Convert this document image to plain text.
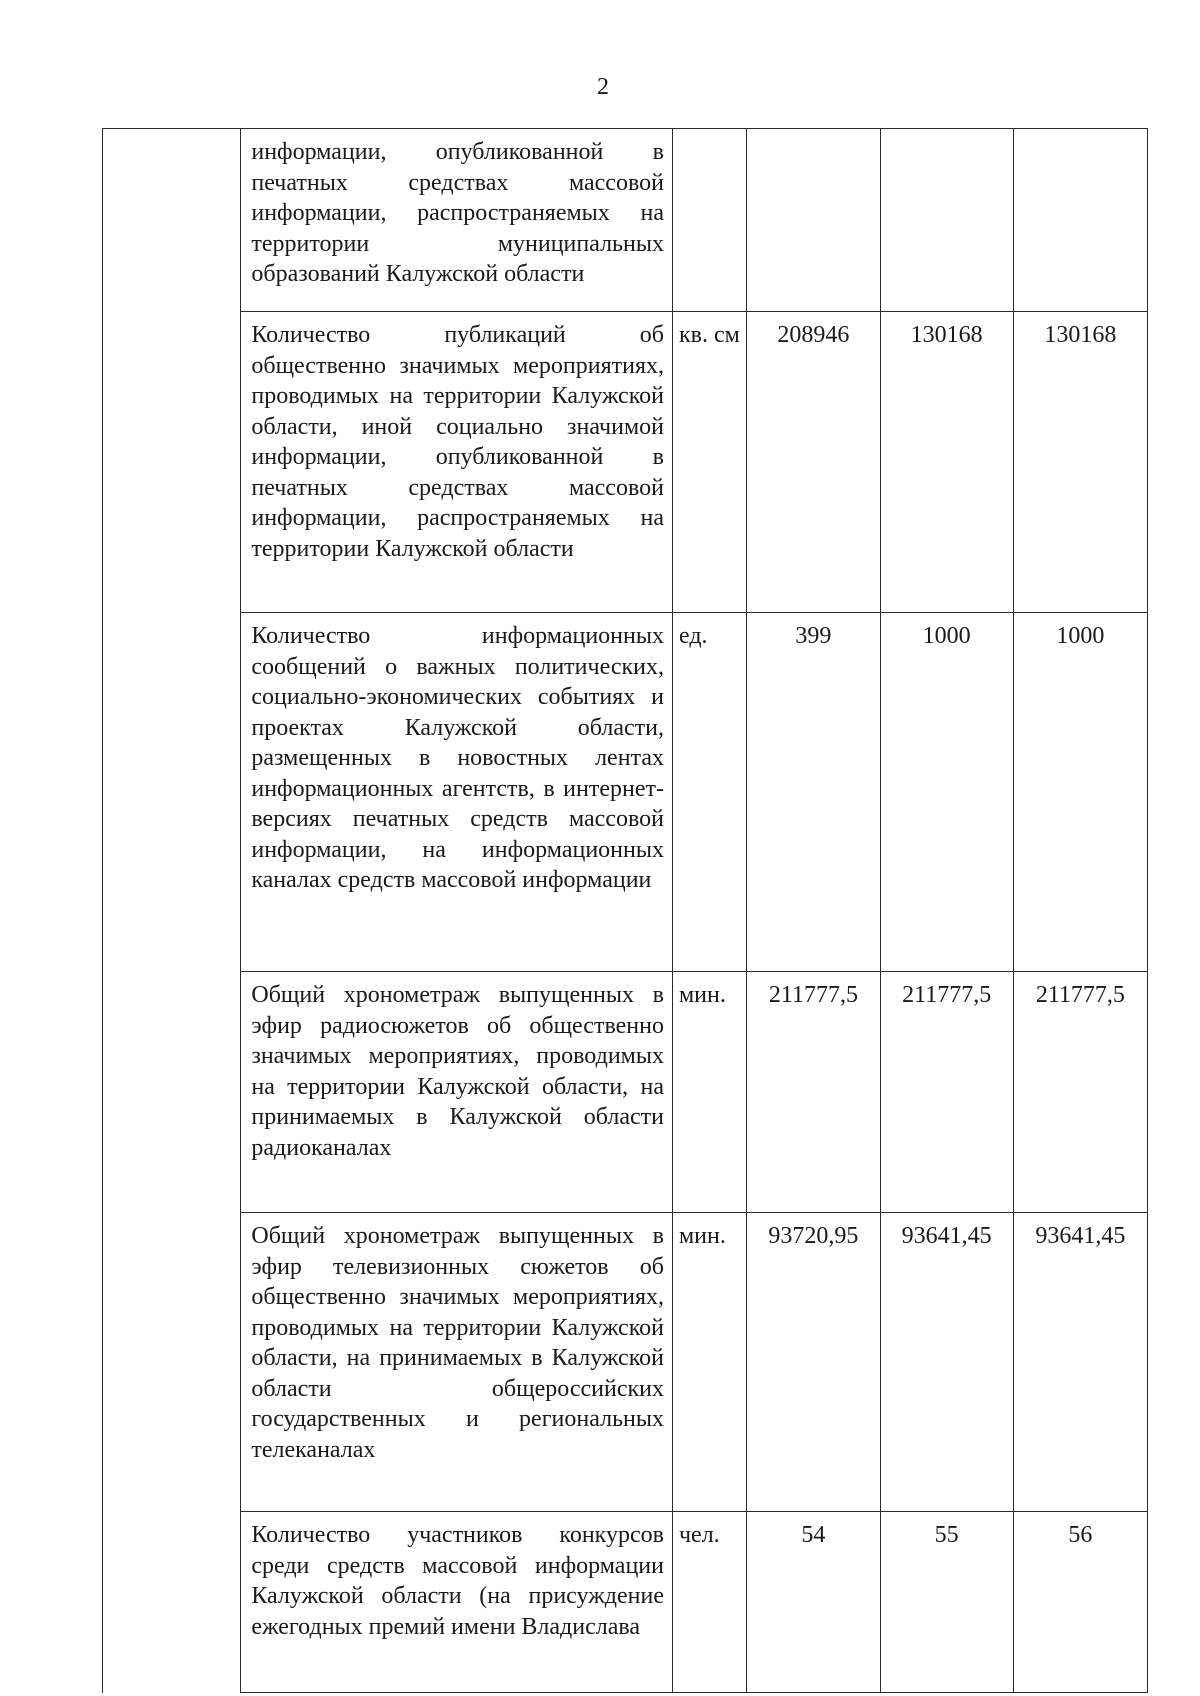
2
	информации, опубликованной в печатных средствах массовой информации, распространяемых на территории муниципальных образований Калужской области				
	Количество публикаций об общественно значимых мероприятиях, проводимых на территории Калужской области, иной социально значимой информации, опубликованной в печатных средствах массовой информации, распространяемых на территории Калужской области	кв. см	208946	130168	130168
	Количество информационных сообщений о важных политических, социально-экономических событиях и проектах Калужской области, размещенных в новостных лентах информационных агентств, в интернет-версиях печатных средств массовой информации, на информационных каналах средств массовой информации	ед.	399	1000	1000
	Общий хронометраж выпущенных в эфир радиосюжетов об общественно значимых мероприятиях, проводимых на территории Калужской области, на принимаемых в Калужской области радиоканалах	мин.	211777,5	211777,5	211777,5
	Общий хронометраж выпущенных в эфир телевизионных сюжетов об общественно значимых мероприятиях, проводимых на территории Калужской области, на принимаемых в Калужской области общероссийских государственных и региональных телеканалах	мин.	93720,95	93641,45	93641,45
	Количество участников конкурсов среди средств массовой информации Калужской области (на присуждение ежегодных премий имени Владислава	чел.	54	55	56
